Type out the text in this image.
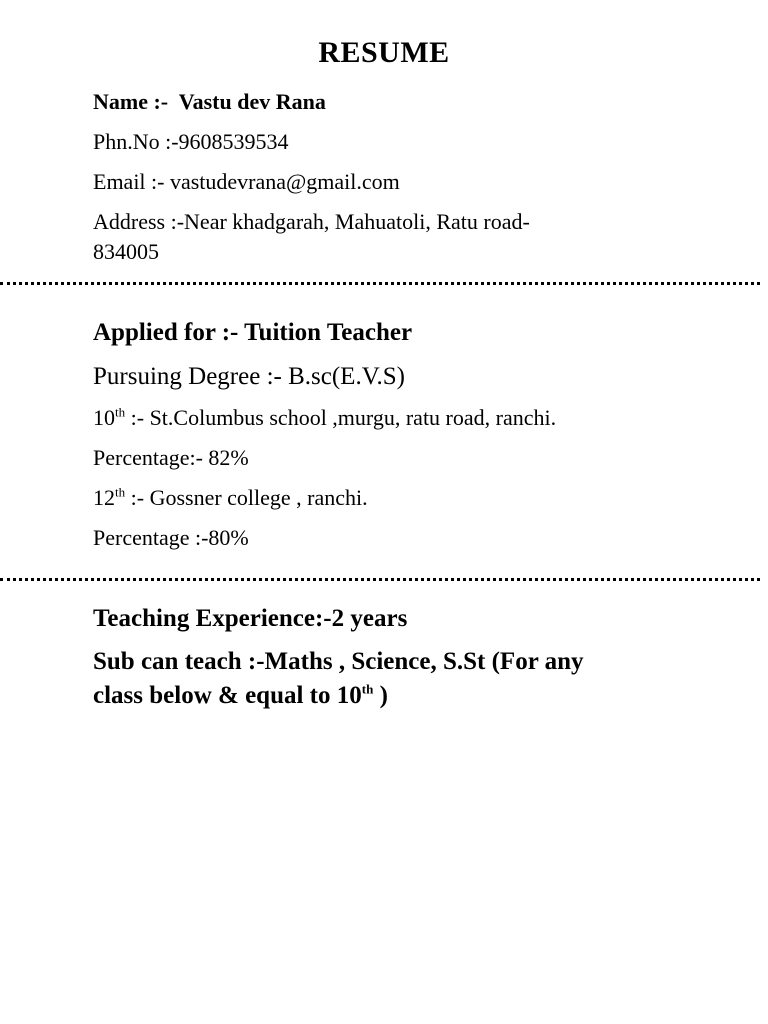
RESUME
Name :- Vastu dev Rana
Phn.No :-9608539534
Email :- vastudevrana@gmail.com
Address :-Near khadgarah, Mahuatoli, Ratu road-
834005
Applied for :- Tuition Teacher
Pursuing Degree :- B.sc(E.V.S)
10th :- St.Columbus school ,murgu, ratu road, ranchi.
Percentage:- 82%
12th :- Gossner college , ranchi.
Percentage :-80%
Teaching Experience:-2 years
Sub can teach :-Maths , Science, S.St (For any
class below & equal to 10th )
